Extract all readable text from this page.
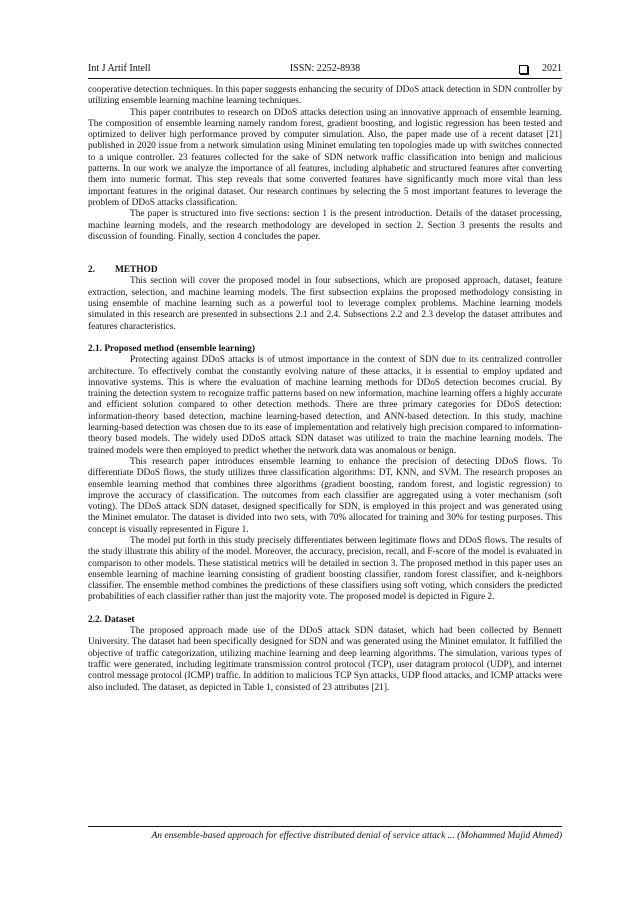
Int J Artif Intell	ISSN: 2252-8938	2021

cooperative detection techniques. In this paper suggests enhancing the security of DDoS attack detection in SDN controller by utilizing ensemble learning machine learning techniques.

This paper contributes to research on DDoS attacks detection using an innovative approach of ensemble learning. The composition of ensemble learning namely random forest, gradient boosting, and logistic regression has been tested and optimized to deliver high performance proved by computer simulation. Also, the paper made use of a recent dataset [21] published in 2020 issue from a network simulation using Mininet emulating ten topologies made up with switches connected to a unique controller. 23 features collected for the sake of SDN network traffic classification into benign and malicious patterns. In our work we analyze the importance of all features, including alphabetic and structured features after converting them into numeric format. This step reveals that some converted features have significantly much more vital than less important features in the original dataset. Our research continues by selecting the 5 most important features to leverage the problem of DDoS attacks classification.

The paper is structured into five sections: section 1 is the present introduction. Details of the dataset processing, machine learning models, and the research methodology are developed in section 2. Section 3 presents the results and discussion of founding. Finally, section 4 concludes the paper.

2.	METHOD

This section will cover the proposed model in four subsections, which are proposed approach, dataset, feature extraction, selection, and machine learning models. The first subsection explains the proposed methodology consisting in using ensemble of machine learning such as a powerful tool to leverage complex problems. Machine learning models simulated in this research are presented in subsections 2.1 and 2.4. Subsections 2.2 and 2.3 develop the dataset attributes and features characteristics.

2.1. Proposed method (ensemble learning)

Protecting against DDoS attacks is of utmost importance in the context of SDN due to its centralized controller architecture. To effectively combat the constantly evolving nature of these attacks, it is essential to employ updated and innovative systems. This is where the evaluation of machine learning methods for DDoS detection becomes crucial. By training the detection system to recognize traffic patterns based on new information, machine learning offers a highly accurate and efficient solution compared to other detection methods. There are three primary categories for DDoS detection: information-theory based detection, machine learning-based detection, and ANN-based detection. In this study, machine learning-based detection was chosen due to its ease of implementation and relatively high precision compared to information-theory based models. The widely used DDoS attack SDN dataset was utilized to train the machine learning models. The trained models were then employed to predict whether the network data was anomalous or benign.

This research paper introduces ensemble learning to enhance the precision of detecting DDoS flows. To differentiate DDoS flows, the study utilizes three classification algorithms: DT, KNN, and SVM. The research proposes an ensemble learning method that combines three algorithms (gradient boosting, random forest, and logistic regression) to improve the accuracy of classification. The outcomes from each classifier are aggregated using a voter mechanism (soft voting). The DDoS attack SDN dataset, designed specifically for SDN, is employed in this project and was generated using the Mininet emulator. The dataset is divided into two sets, with 70% allocated for training and 30% for testing purposes. This concept is visually represented in Figure 1.

The model put forth in this study precisely differentiates between legitimate flows and DDoS flows. The results of the study illustrate this ability of the model. Moreover, the accuracy, precision, recall, and F-score of the model is evaluated in comparison to other models. These statistical metrics will be detailed in section 3. The proposed method in this paper uses an ensemble learning of machine learning consisting of gradient boosting classifier, random forest classifier, and k-neighbors classifier. The ensemble method combines the predictions of these classifiers using soft voting, which considers the predicted probabilities of each classifier rather than just the majority vote. The proposed model is depicted in Figure 2.

2.2. Dataset

The proposed approach made use of the DDoS attack SDN dataset, which had been collected by Bennett University. The dataset had been specifically designed for SDN and was generated using the Mininet emulator. It fulfilled the objective of traffic categorization, utilizing machine learning and deep learning algorithms. The simulation, various types of traffic were generated, including legitimate transmission control protocol (TCP), user datagram protocol (UDP), and internet control message protocol (ICMP) traffic. In addition to malicious TCP Syn attacks, UDP flood attacks, and ICMP attacks were also included. The dataset, as depicted in Table 1, consisted of 23 attributes [21].

An ensemble-based approach for effective distributed denial of service attack ... (Mohammed Majid Ahmed)
